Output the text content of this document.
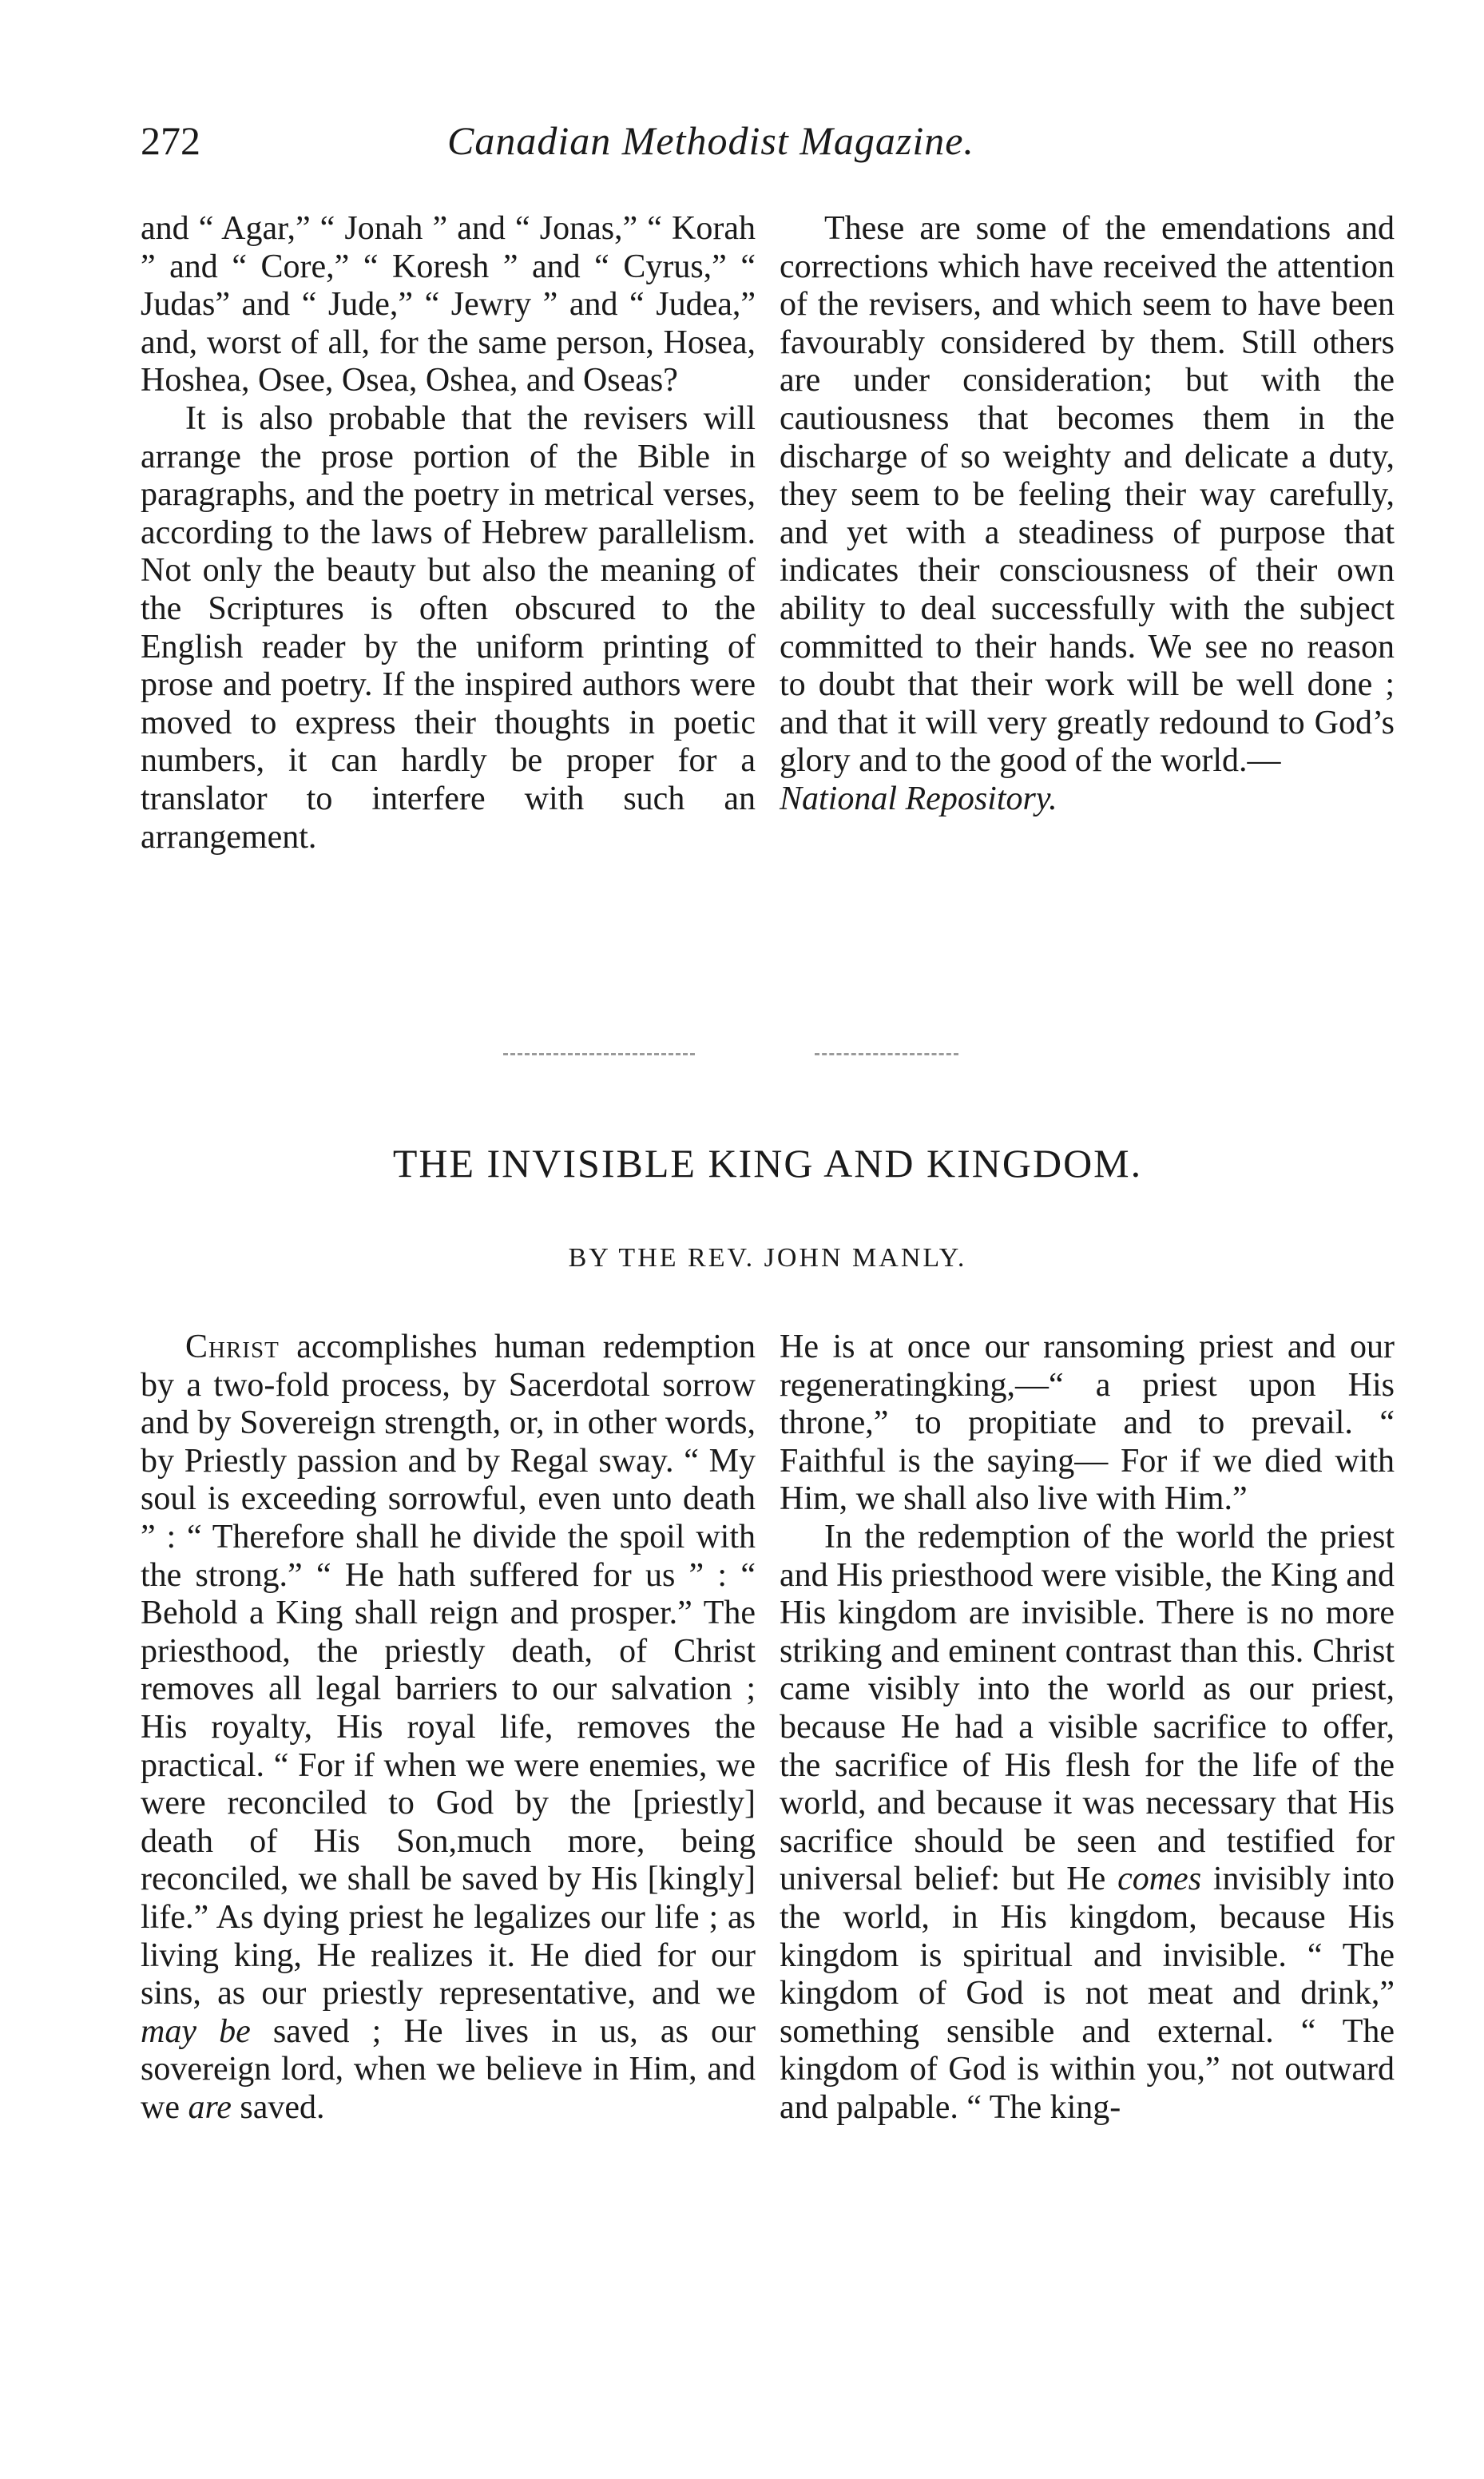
272	Canadian Methodist Magazine.

and “ Agar,” “ Jonah ” and “ Jonas,” “ Korah ” and “ Core,” “ Koresh ” and “ Cyrus,” “ Judas” and “ Jude,” “ Jewry ” and “ Judea,” and, worst of all, for the same person, Hosea, Hoshea, Osee, Osea, Oshea, and Oseas?

It is also probable that the revisers will arrange the prose portion of the Bible in paragraphs, and the poetry in metrical verses, according to the laws of Hebrew parallelism. Not only the beauty but also the meaning of the Scriptures is often obscured to the English reader by the uniform printing of prose and poetry. If the inspired authors were moved to express their thoughts in poetic numbers, it can hardly be proper for a translator to interfere with such an arrangement.

These are some of the emendations and corrections which have received the attention of the revisers, and which seem to have been favourably considered by them. Still others are under consideration; but with the cautiousness that becomes them in the discharge of so weighty and delicate a duty, they seem to be feeling their way carefully, and yet with a steadiness of purpose that indicates their consciousness of their own ability to deal successfully with the subject committed to their hands. We see no reason to doubt that their work will be well done ; and that it will very greatly redound to God’s glory and to the good of the world.—
National Repository.

THE INVISIBLE KING AND KINGDOM.
BY THE REV. JOHN MANLY.

Christ accomplishes human redemption by a two-fold process, by Sacerdotal sorrow and by Sovereign strength, or, in other words, by Priestly passion and by Regal sway. “ My soul is exceeding sorrowful, even unto death ” : “ Therefore shall he divide the spoil with the strong.” “ He hath suffered for us ” : “ Behold a King shall reign and prosper.” The priesthood, the priestly death, of Christ removes all legal barriers to our salvation ; His royalty, His royal life, removes the practical. “ For if when we were enemies, we were reconciled to God by the [priestly] death of His Son,much more, being reconciled, we shall be saved by His [kingly] life.” As dying priest he legalizes our life ; as living king, He realizes it. He died for our sins, as our priestly representative, and we may be saved ; He lives in us, as our sovereign lord, when we believe in Him, and we are saved.

He is at once our ransoming priest and our regeneratingking,—“ a priest upon His throne,” to propitiate and to prevail. “ Faithful is the saying— For if we died with Him, we shall also live with Him.”

In the redemption of the world the priest and His priesthood were visible, the King and His kingdom are invisible. There is no more striking and eminent contrast than this. Christ came visibly into the world as our priest, because He had a visible sacrifice to offer, the sacrifice of His flesh for the life of the world, and because it was necessary that His sacrifice should be seen and testified for universal belief: but He comes invisibly into the world, in His kingdom, because His kingdom is spiritual and invisible. “ The kingdom of God is not meat and drink,” something sensible and external. “ The kingdom of God is within you,” not outward and palpable. “ The king-
